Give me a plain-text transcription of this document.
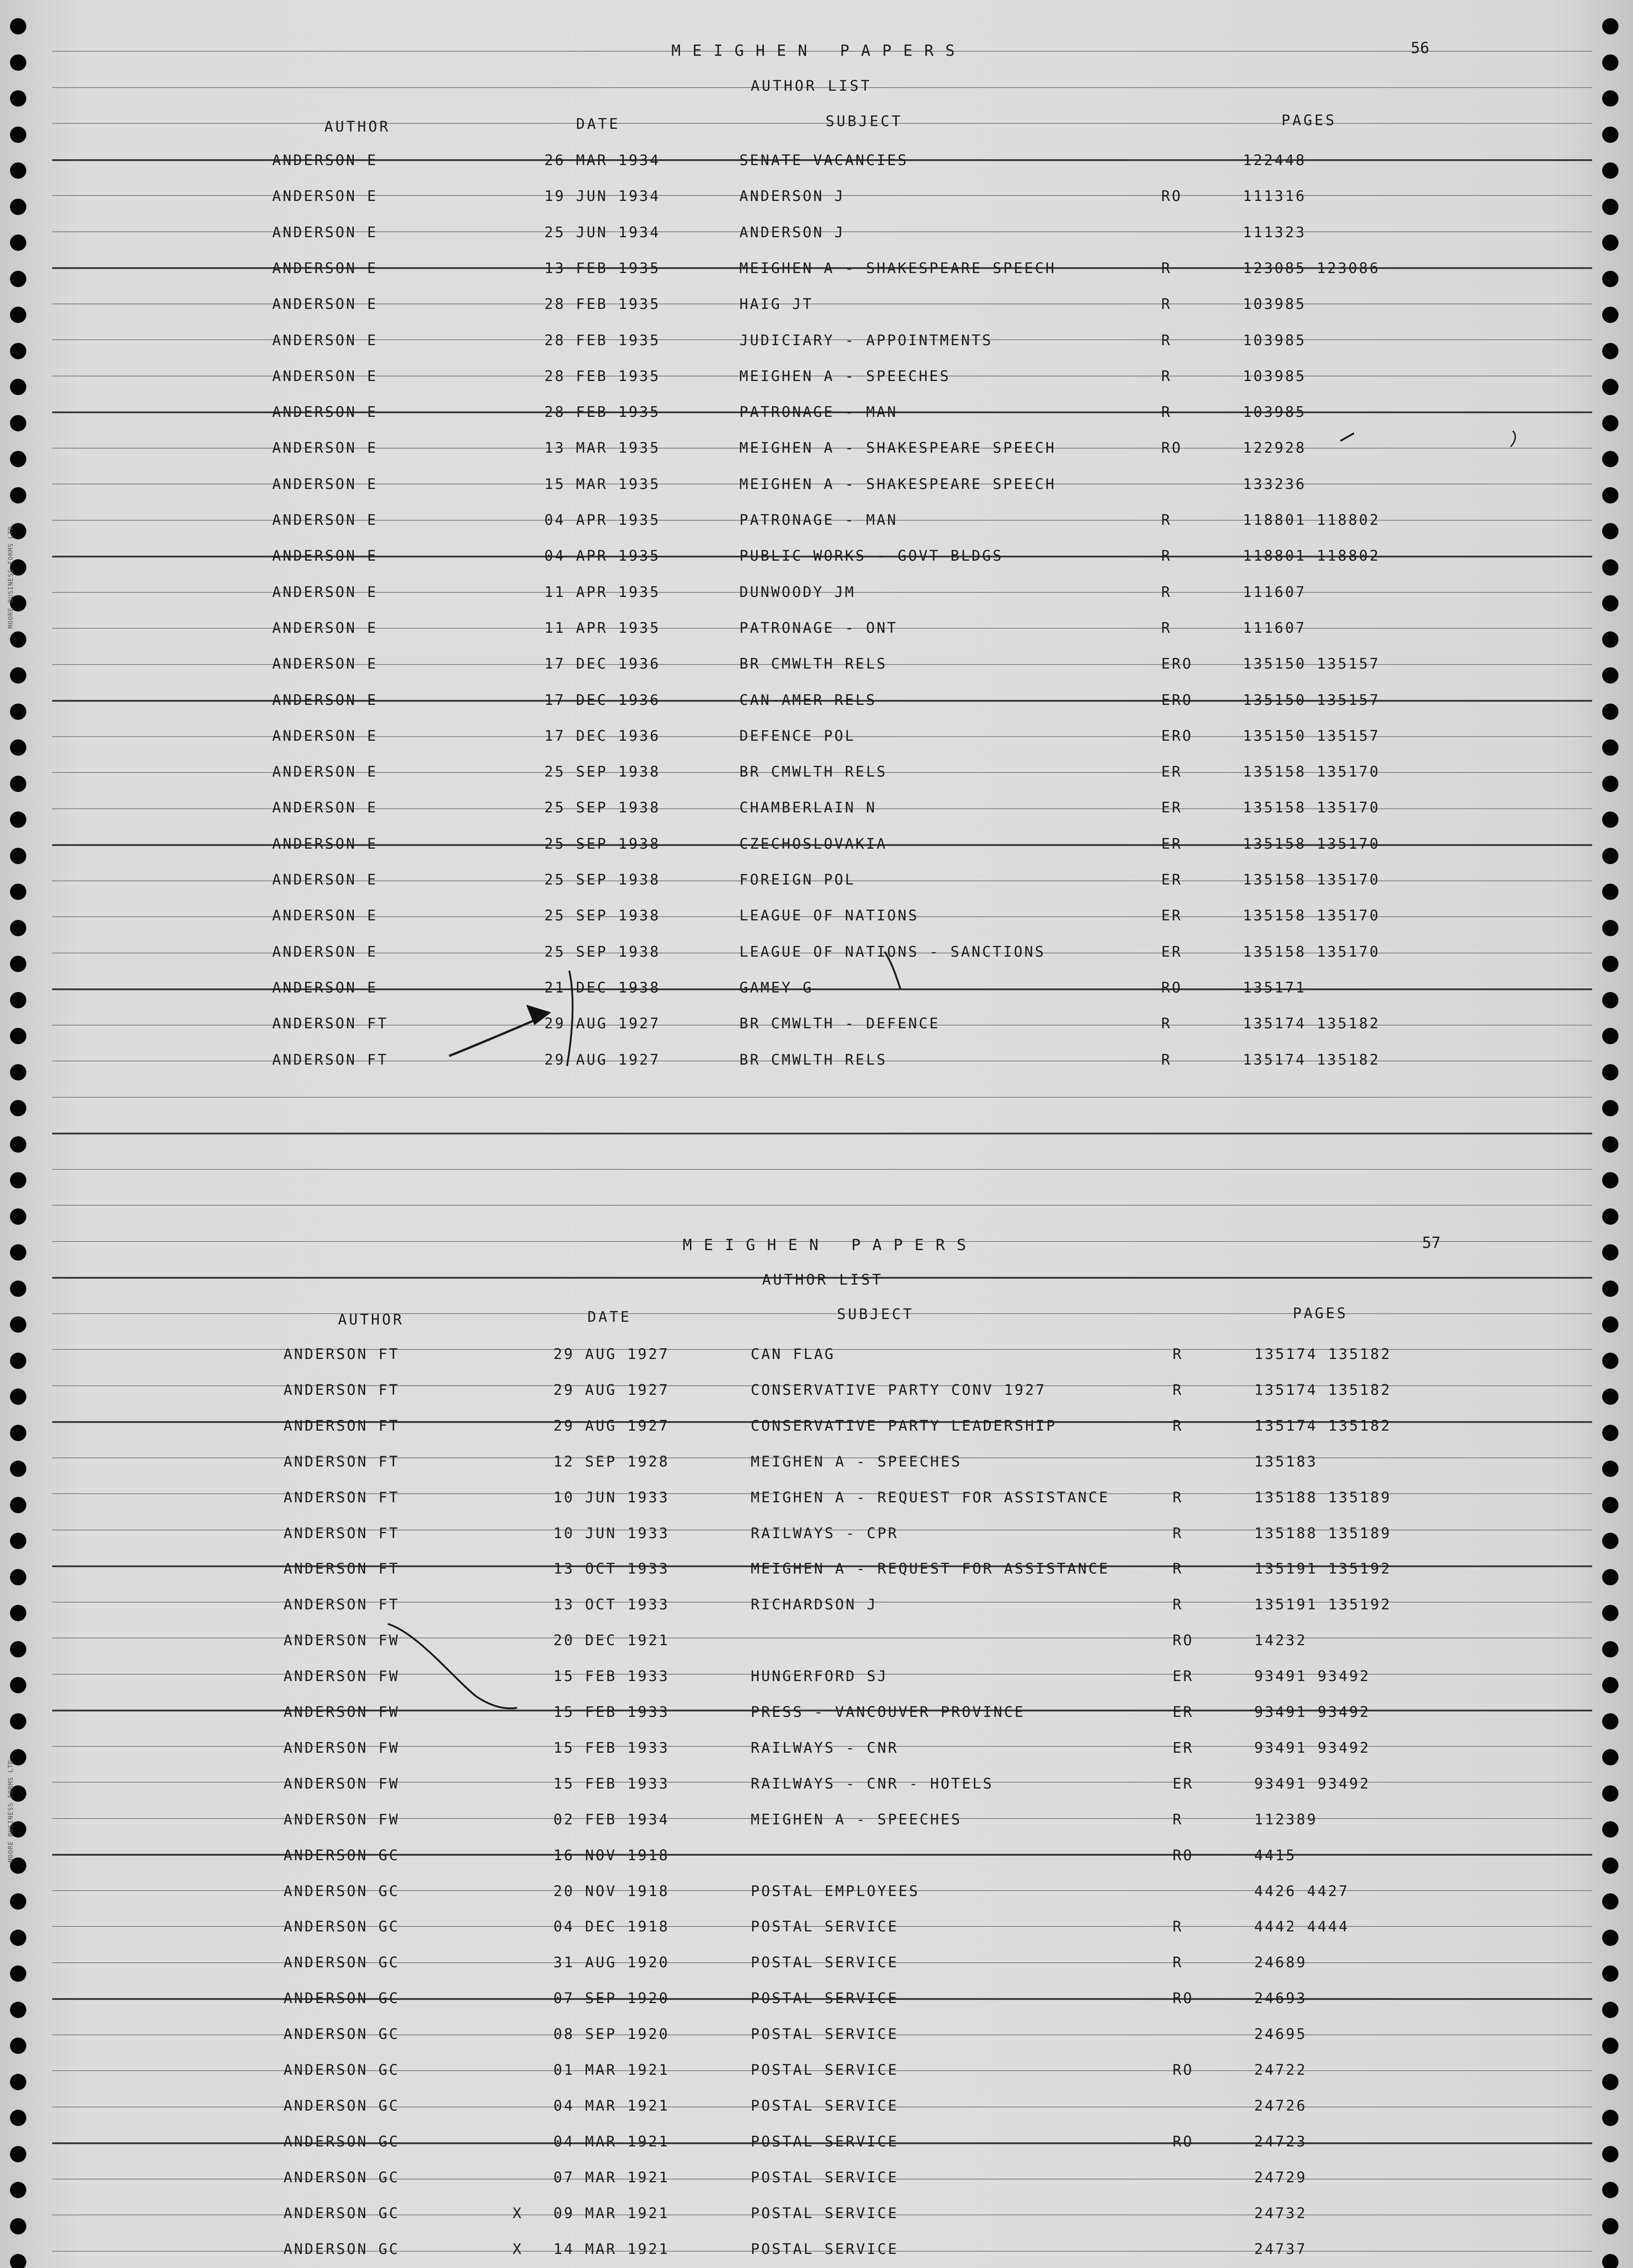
MEIGHEN PAPERS	56
AUTHOR LIST
AUTHOR	DATE	SUBJECT	PAGES
ANDERSON E	26 MAR 1934	SENATE VACANCIES	122448
ANDERSON E	19 JUN 1934	ANDERSON J	RO	111316
ANDERSON E	25 JUN 1934	ANDERSON J	111323
ANDERSON E	13 FEB 1935	MEIGHEN A - SHAKESPEARE SPEECH	R	123085 123086
ANDERSON E	28 FEB 1935	HAIG JT	R	103985
ANDERSON E	28 FEB 1935	JUDICIARY - APPOINTMENTS	R	103985
ANDERSON E	28 FEB 1935	MEIGHEN A - SPEECHES	R	103985
ANDERSON E	28 FEB 1935	PATRONAGE - MAN	R	103985
ANDERSON E	13 MAR 1935	MEIGHEN A - SHAKESPEARE SPEECH	RO	122928
ANDERSON E	15 MAR 1935	MEIGHEN A - SHAKESPEARE SPEECH	133236
ANDERSON E	04 APR 1935	PATRONAGE - MAN	R	118801 118802
ANDERSON E	04 APR 1935	PUBLIC WORKS - GOVT BLDGS	R	118801 118802
ANDERSON E	11 APR 1935	DUNWOODY JM	R	111607
ANDERSON E	11 APR 1935	PATRONAGE - ONT	R	111607
ANDERSON E	17 DEC 1936	BR CMWLTH RELS	ERO	135150 135157
ANDERSON E	17 DEC 1936	CAN-AMER RELS	ERO	135150 135157
ANDERSON E	17 DEC 1936	DEFENCE POL	ERO	135150 135157
ANDERSON E	25 SEP 1938	BR CMWLTH RELS	ER	135158 135170
ANDERSON E	25 SEP 1938	CHAMBERLAIN N	ER	135158 135170
ANDERSON E	25 SEP 1938	CZECHOSLOVAKIA	ER	135158 135170
ANDERSON E	25 SEP 1938	FOREIGN POL	ER	135158 135170
ANDERSON E	25 SEP 1938	LEAGUE OF NATIONS	ER	135158 135170
ANDERSON E	25 SEP 1938	LEAGUE OF NATIONS - SANCTIONS	ER	135158 135170
ANDERSON E	21 DEC 1938	GAMEY G	RO	135171
ANDERSON FT	29 AUG 1927	BR CMWLTH - DEFENCE	R	135174 135182
ANDERSON FT	29 AUG 1927	BR CMWLTH RELS	R	135174 135182
MEIGHEN PAPERS	57
AUTHOR LIST
AUTHOR	DATE	SUBJECT	PAGES
ANDERSON FT	29 AUG 1927	CAN FLAG	R	135174 135182
ANDERSON FT	29 AUG 1927	CONSERVATIVE PARTY CONV 1927	R	135174 135182
ANDERSON FT	29 AUG 1927	CONSERVATIVE PARTY LEADERSHIP	R	135174 135182
ANDERSON FT	12 SEP 1928	MEIGHEN A - SPEECHES	135183
ANDERSON FT	10 JUN 1933	MEIGHEN A - REQUEST FOR ASSISTANCE	R	135188 135189
ANDERSON FT	10 JUN 1933	RAILWAYS - CPR	R	135188 135189
ANDERSON FT	13 OCT 1933	MEIGHEN A - REQUEST FOR ASSISTANCE	R	135191 135192
ANDERSON FT	13 OCT 1933	RICHARDSON J	R	135191 135192
ANDERSON FW	20 DEC 1921	RO	14232
ANDERSON FW	15 FEB 1933	HUNGERFORD SJ	ER	93491 93492
ANDERSON FW	15 FEB 1933	PRESS - VANCOUVER PROVINCE	ER	93491 93492
ANDERSON FW	15 FEB 1933	RAILWAYS - CNR	ER	93491 93492
ANDERSON FW	15 FEB 1933	RAILWAYS - CNR - HOTELS	ER	93491 93492
ANDERSON FW	02 FEB 1934	MEIGHEN A - SPEECHES	R	112389
ANDERSON GC	16 NOV 1918	RO	4415
ANDERSON GC	20 NOV 1918	POSTAL EMPLOYEES	4426 4427
ANDERSON GC	04 DEC 1918	POSTAL SERVICE	R	4442 4444
ANDERSON GC	31 AUG 1920	POSTAL SERVICE	R	24689
ANDERSON GC	07 SEP 1920	POSTAL SERVICE	RO	24693
ANDERSON GC	08 SEP 1920	POSTAL SERVICE	24695
ANDERSON GC	01 MAR 1921	POSTAL SERVICE	RO	24722
ANDERSON GC	04 MAR 1921	POSTAL SERVICE	24726
ANDERSON GC	04 MAR 1921	POSTAL SERVICE	RO	24723
ANDERSON GC	07 MAR 1921	POSTAL SERVICE	24729
ANDERSON GC	X 09 MAR 1921	POSTAL SERVICE	24732
ANDERSON GC	X 14 MAR 1921	POSTAL SERVICE	24737
MOORE BUSINESS FORMS LTD.
MOORE BUSINESS FORMS LTD.
